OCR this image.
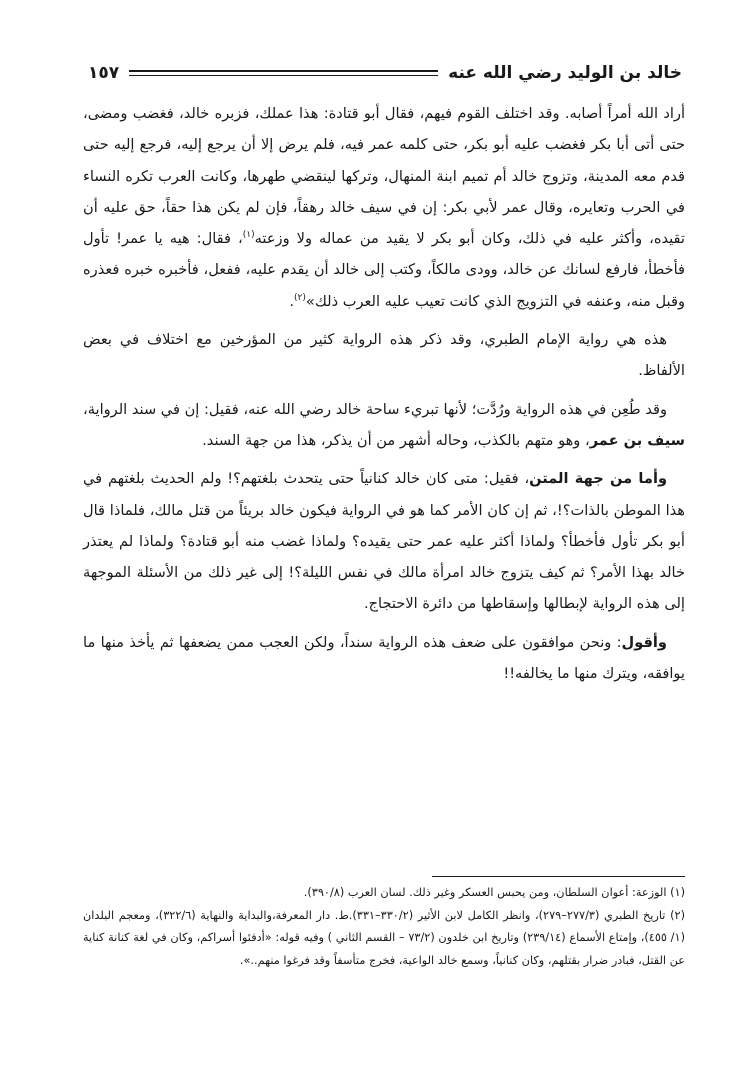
خالد بن الوليد رضي الله عنه
١٥٧

أراد الله أمراً أصابه. وقد اختلف القوم فيهم، فقال أبو قتادة: هذا عملك، فزبره خالد، فغضب ومضى، حتى أتى أبا بكر فغضب عليه أبو بكر، حتى كلمه عمر فيه، فلم يرض إلا أن يرجع إليه، فرجع إليه حتى قدم معه المدينة، وتزوج خالد أم تميم ابنة المنهال، وتركها لينقضي طهرها، وكانت العرب تكره النساء في الحرب وتعايره، وقال عمر لأبي بكر: إن في سيف خالد رهقاً، فإن لم يكن هذا حقاً، حق عليه أن تقيده، وأكثر عليه في ذلك، وكان أبو بكر لا يقيد من عماله ولا وزعته$^{(١)}$، فقال: هيه يا عمر! تأول فأخطأ، فارفع لسانك عن خالد، وودى مالكاً، وكتب إلى خالد أن يقدم عليه، ففعل، فأخبره خبره فعذره وقبل منه، وعنفه في التزويج الذي كانت تعيب عليه العرب ذلك»$^{(٢)}$.

هذه هي رواية الإمام الطبري، وقد ذكر هذه الرواية كثير من المؤرخين مع اختلاف في بعض الألفاظ.

وقد طُعِن في هذه الرواية ورُدَّت؛ لأنها تبريء ساحة خالد رضي الله عنه، فقيل: إن في سند الرواية، سيف بن عمر، وهو متهم بالكذب، وحاله أشهر من أن يذكر، هذا من جهة السند.

وأما من جهة المتن، فقيل: متى كان خالد كنانياً حتى يتحدث بلغتهم؟! ولم الحديث بلغتهم في هذا الموطن بالذات؟!، ثم إن كان الأمر كما هو في الرواية فيكون خالد بريئاً من قتل مالك، فلماذا قال أبو بكر تأول فأخطأ؟ ولماذا أكثر عليه عمر حتى يقيده؟ ولماذا غضب منه أبو قتادة؟ ولماذا لم يعتذر خالد بهذا الأمر؟ ثم كيف يتزوج خالد امرأة مالك في نفس الليلة؟! إلى غير ذلك من الأسئلة الموجهة إلى هذه الرواية لإبطالها وإسقاطها من دائرة الاحتجاج.

وأقول: ونحن موافقون على ضعف هذه الرواية سنداً، ولكن العجب ممن يضعفها ثم يأخذ منها ما يوافقه، ويترك منها ما يخالفه!!

(١) الوزعة: أعوان السلطان، ومن يحبس العسكر وغير ذلك. لسان العرب (٣٩٠/٨).

(٢) تاريخ الطبري (٢٧٧/٣–٢٧٩)، وانظر الكامل لابن الأثير (٣٣٠/٢–٣٣١).ط. دار المعرفة،والبداية والنهاية (٣٢٢/٦)، ومعجم البلدان (١/ ٤٥٥)، وإمتاع الأسماع (٢٣٩/١٤) وتاريخ ابن خلدون (٧٣/٢ – القسم الثاني ) وفيه قوله: «أدفئوا أسراكم، وكان في لغة كنانة كناية عن القتل، فبادر ضرار بقتلهم، وكان كنانياً، وسمع خالد الواعية، فخرج متأسفاً وقد فرغوا منهم..».
